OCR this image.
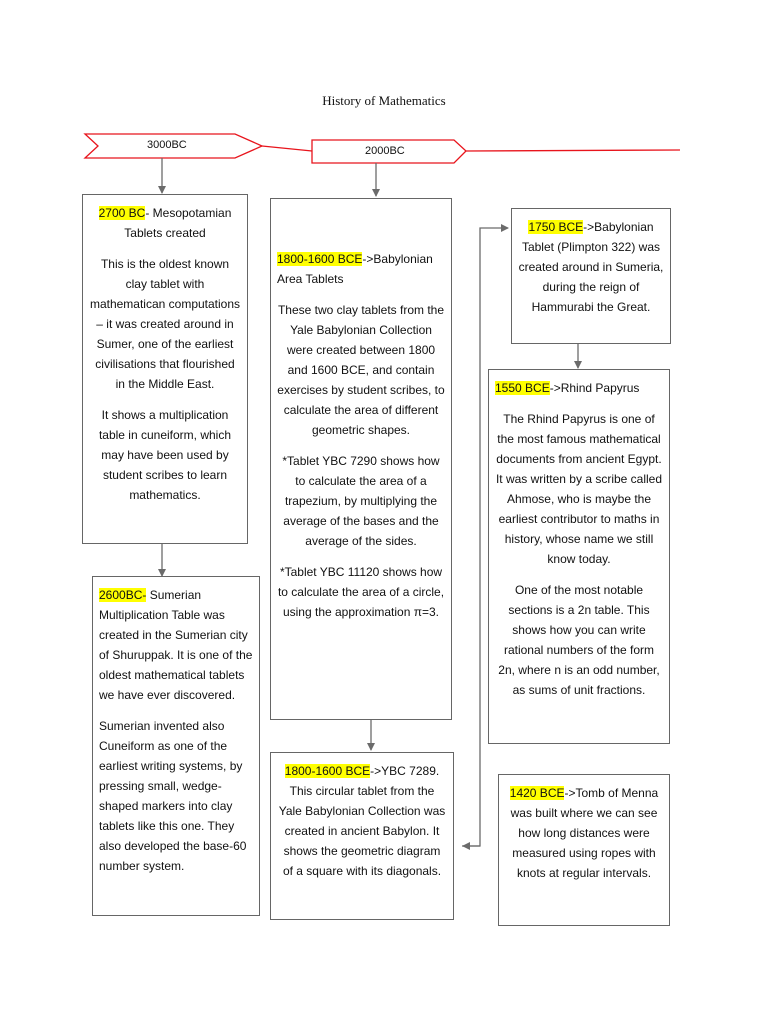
History of Mathematics
3000BC	2000BC

2700 BC- Mesopotamian Tablets created

This is the oldest known clay tablet with mathematican computations – it was created around in Sumer, one of the earliest civilisations that flourished in the Middle East.

It shows a multiplication table in cuneiform, which may have been used by student scribes to learn mathematics.

2600BC- Sumerian Multiplication Table was created in the Sumerian city of Shuruppak. It is one of the oldest mathematical tablets we have ever discovered.

Sumerian invented also Cuneiform as one of the earliest writing systems, by pressing small, wedge-shaped markers into clay tablets like this one. They also developed the base-60 number system.

1800-1600 BCE->Babylonian Area Tablets

These two clay tablets from the Yale Babylonian Collection were created between 1800 and 1600 BCE, and contain exercises by student scribes, to calculate the area of different geometric shapes.

*Tablet YBC 7290 shows how to calculate the area of a trapezium, by multiplying the average of the bases and the average of the sides.

*Tablet YBC 11120 shows how to calculate the area of a circle, using the approximation π=3.

1800-1600 BCE->YBC 7289. This circular tablet from the Yale Babylonian Collection was created in ancient Babylon. It shows the geometric diagram of a square with its diagonals.

1750 BCE->Babylonian Tablet (Plimpton 322) was created around in Sumeria, during the reign of Hammurabi the Great.

1550 BCE->Rhind Papyrus

The Rhind Papyrus is one of the most famous mathematical documents from ancient Egypt. It was written by a scribe called Ahmose, who is maybe the earliest contributor to maths in history, whose name we still know today.

One of the most notable sections is a 2n table. This shows how you can write rational numbers of the form 2n, where n is an odd number, as sums of unit fractions.

1420 BCE->Tomb of Menna was built where we can see how long distances were measured using ropes with knots at regular intervals.
